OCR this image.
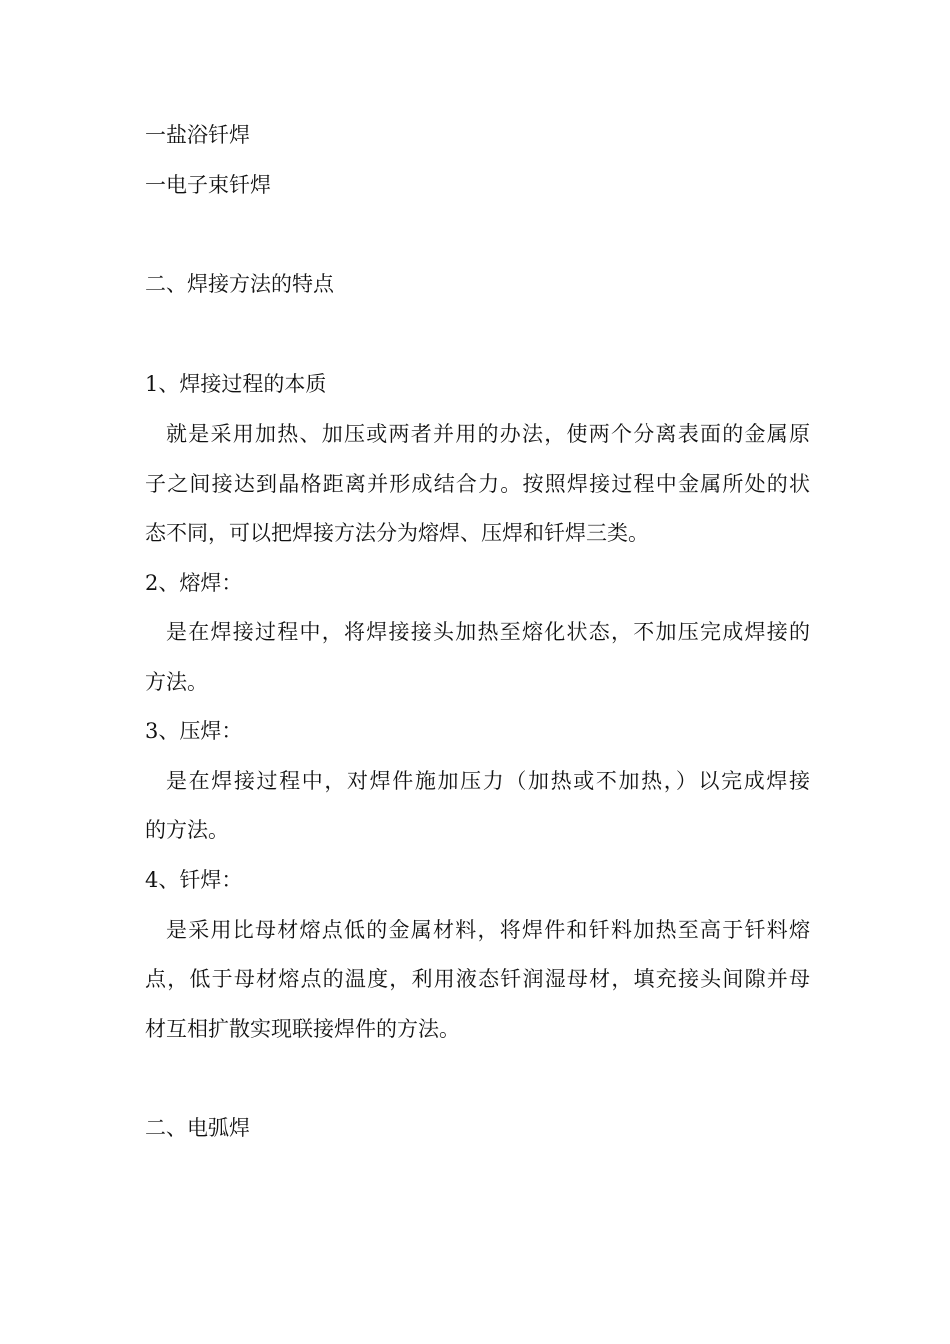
一盐浴钎焊
一电子束钎焊
二、焊接方法的特点
1、焊接过程的本质
就是采用加热、加压或两者并用的办法，使两个分离表面的金属原
子之间接达到晶格距离并形成结合力。按照焊接过程中金属所处的状
态不同，可以把焊接方法分为熔焊、压焊和钎焊三类。
2、熔焊：
是在焊接过程中，将焊接接头加热至熔化状态，不加压完成焊接的
方法。
3、压焊：
是在焊接过程中，对焊件施加压力（加热或不加热，）以完成焊接
的方法。
4、钎焊：
是采用比母材熔点低的金属材料，将焊件和钎料加热至高于钎料熔
点，低于母材熔点的温度，利用液态钎润湿母材，填充接头间隙并母
材互相扩散实现联接焊件的方法。
二、电弧焊
